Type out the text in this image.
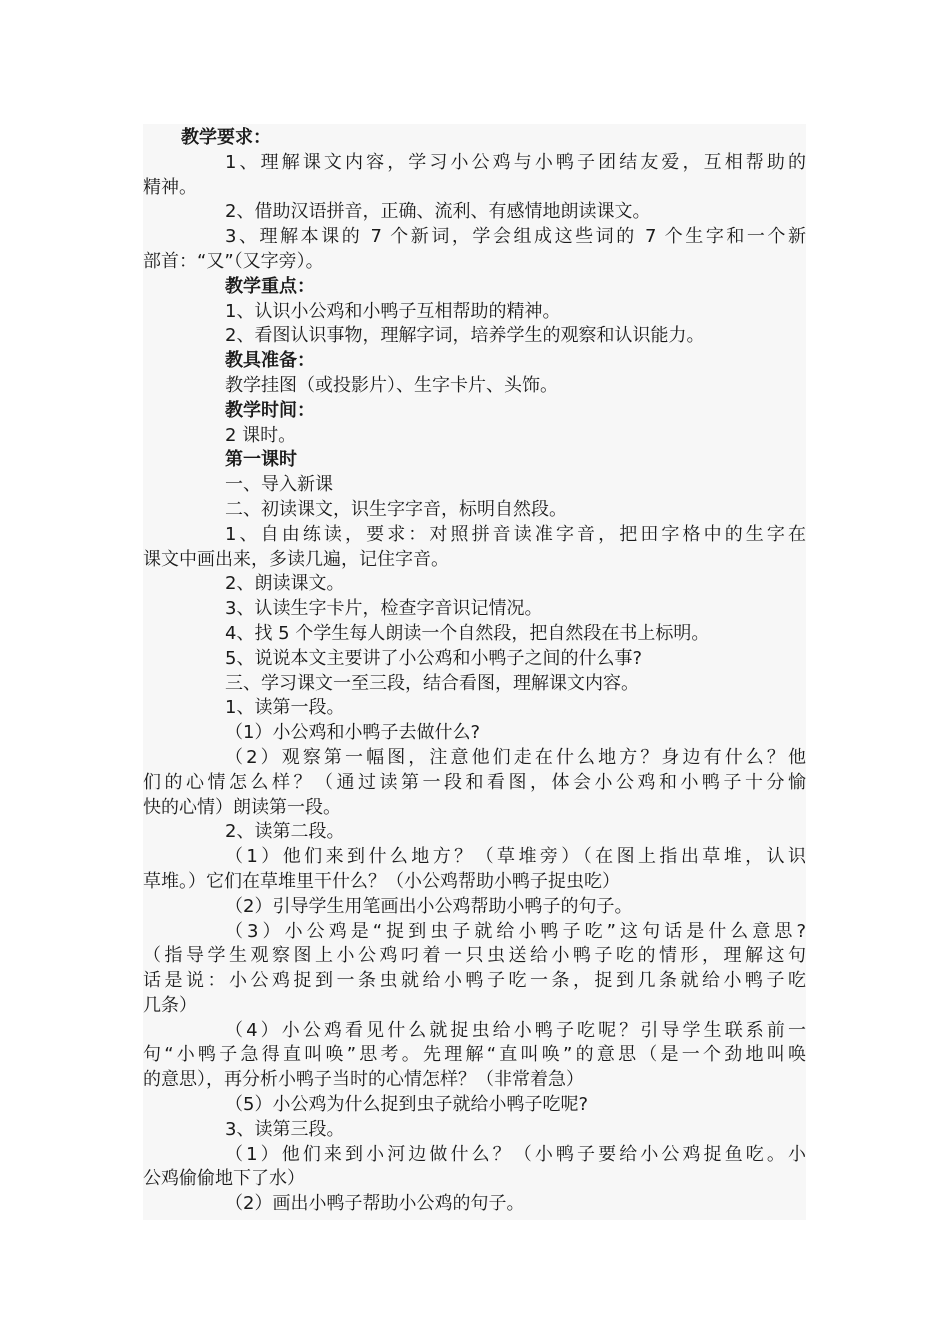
教学要求：
1、理解课文内容，学习小公鸡与小鸭子团结友爱，互相帮助的
精神。
2、借助汉语拼音，正确、流利、有感情地朗读课文。
3、理解本课的 7 个新词，学会组成这些词的 7 个生字和一个新
部首：“又”（又字旁）。
教学重点：
1、认识小公鸡和小鸭子互相帮助的精神。
2、看图认识事物，理解字词，培养学生的观察和认识能力。
教具准备：
教学挂图（或投影片）、生字卡片、头饰。
教学时间：
2 课时。
第一课时
一、导入新课
二、初读课文，识生字字音，标明自然段。
1、自由练读，要求：对照拼音读准字音，把田字格中的生字在
课文中画出来，多读几遍，记住字音。
2、朗读课文。
3、认读生字卡片，检查字音识记情况。
4、找 5 个学生每人朗读一个自然段，把自然段在书上标明。
5、说说本文主要讲了小公鸡和小鸭子之间的什么事?
三、学习课文一至三段，结合看图，理解课文内容。
1、读第一段。
（1）小公鸡和小鸭子去做什么?
（2）观察第一幅图，注意他们走在什么地方？身边有什么？他
们的心情怎么样？（通过读第一段和看图，体会小公鸡和小鸭子十分愉
快的心情）朗读第一段。
2、读第二段。
（1）他们来到什么地方？（草堆旁）（在图上指出草堆，认识
草堆。）它们在草堆里干什么？（小公鸡帮助小鸭子捉虫吃）
（2）引导学生用笔画出小公鸡帮助小鸭子的句子。
（3）小公鸡是“捉到虫子就给小鸭子吃”这句话是什么意思?
（指导学生观察图上小公鸡叼着一只虫送给小鸭子吃的情形，理解这句
话是说：小公鸡捉到一条虫就给小鸭子吃一条，捉到几条就给小鸭子吃
几条）
（4）小公鸡看见什么就捉虫给小鸭子吃呢？引导学生联系前一
句“小鸭子急得直叫唤”思考。先理解“直叫唤”的意思（是一个劲地叫唤
的意思），再分析小鸭子当时的心情怎样？（非常着急）
（5）小公鸡为什么捉到虫子就给小鸭子吃呢?
3、读第三段。
（1）他们来到小河边做什么？（小鸭子要给小公鸡捉鱼吃。小
公鸡偷偷地下了水）
（2）画出小鸭子帮助小公鸡的句子。
